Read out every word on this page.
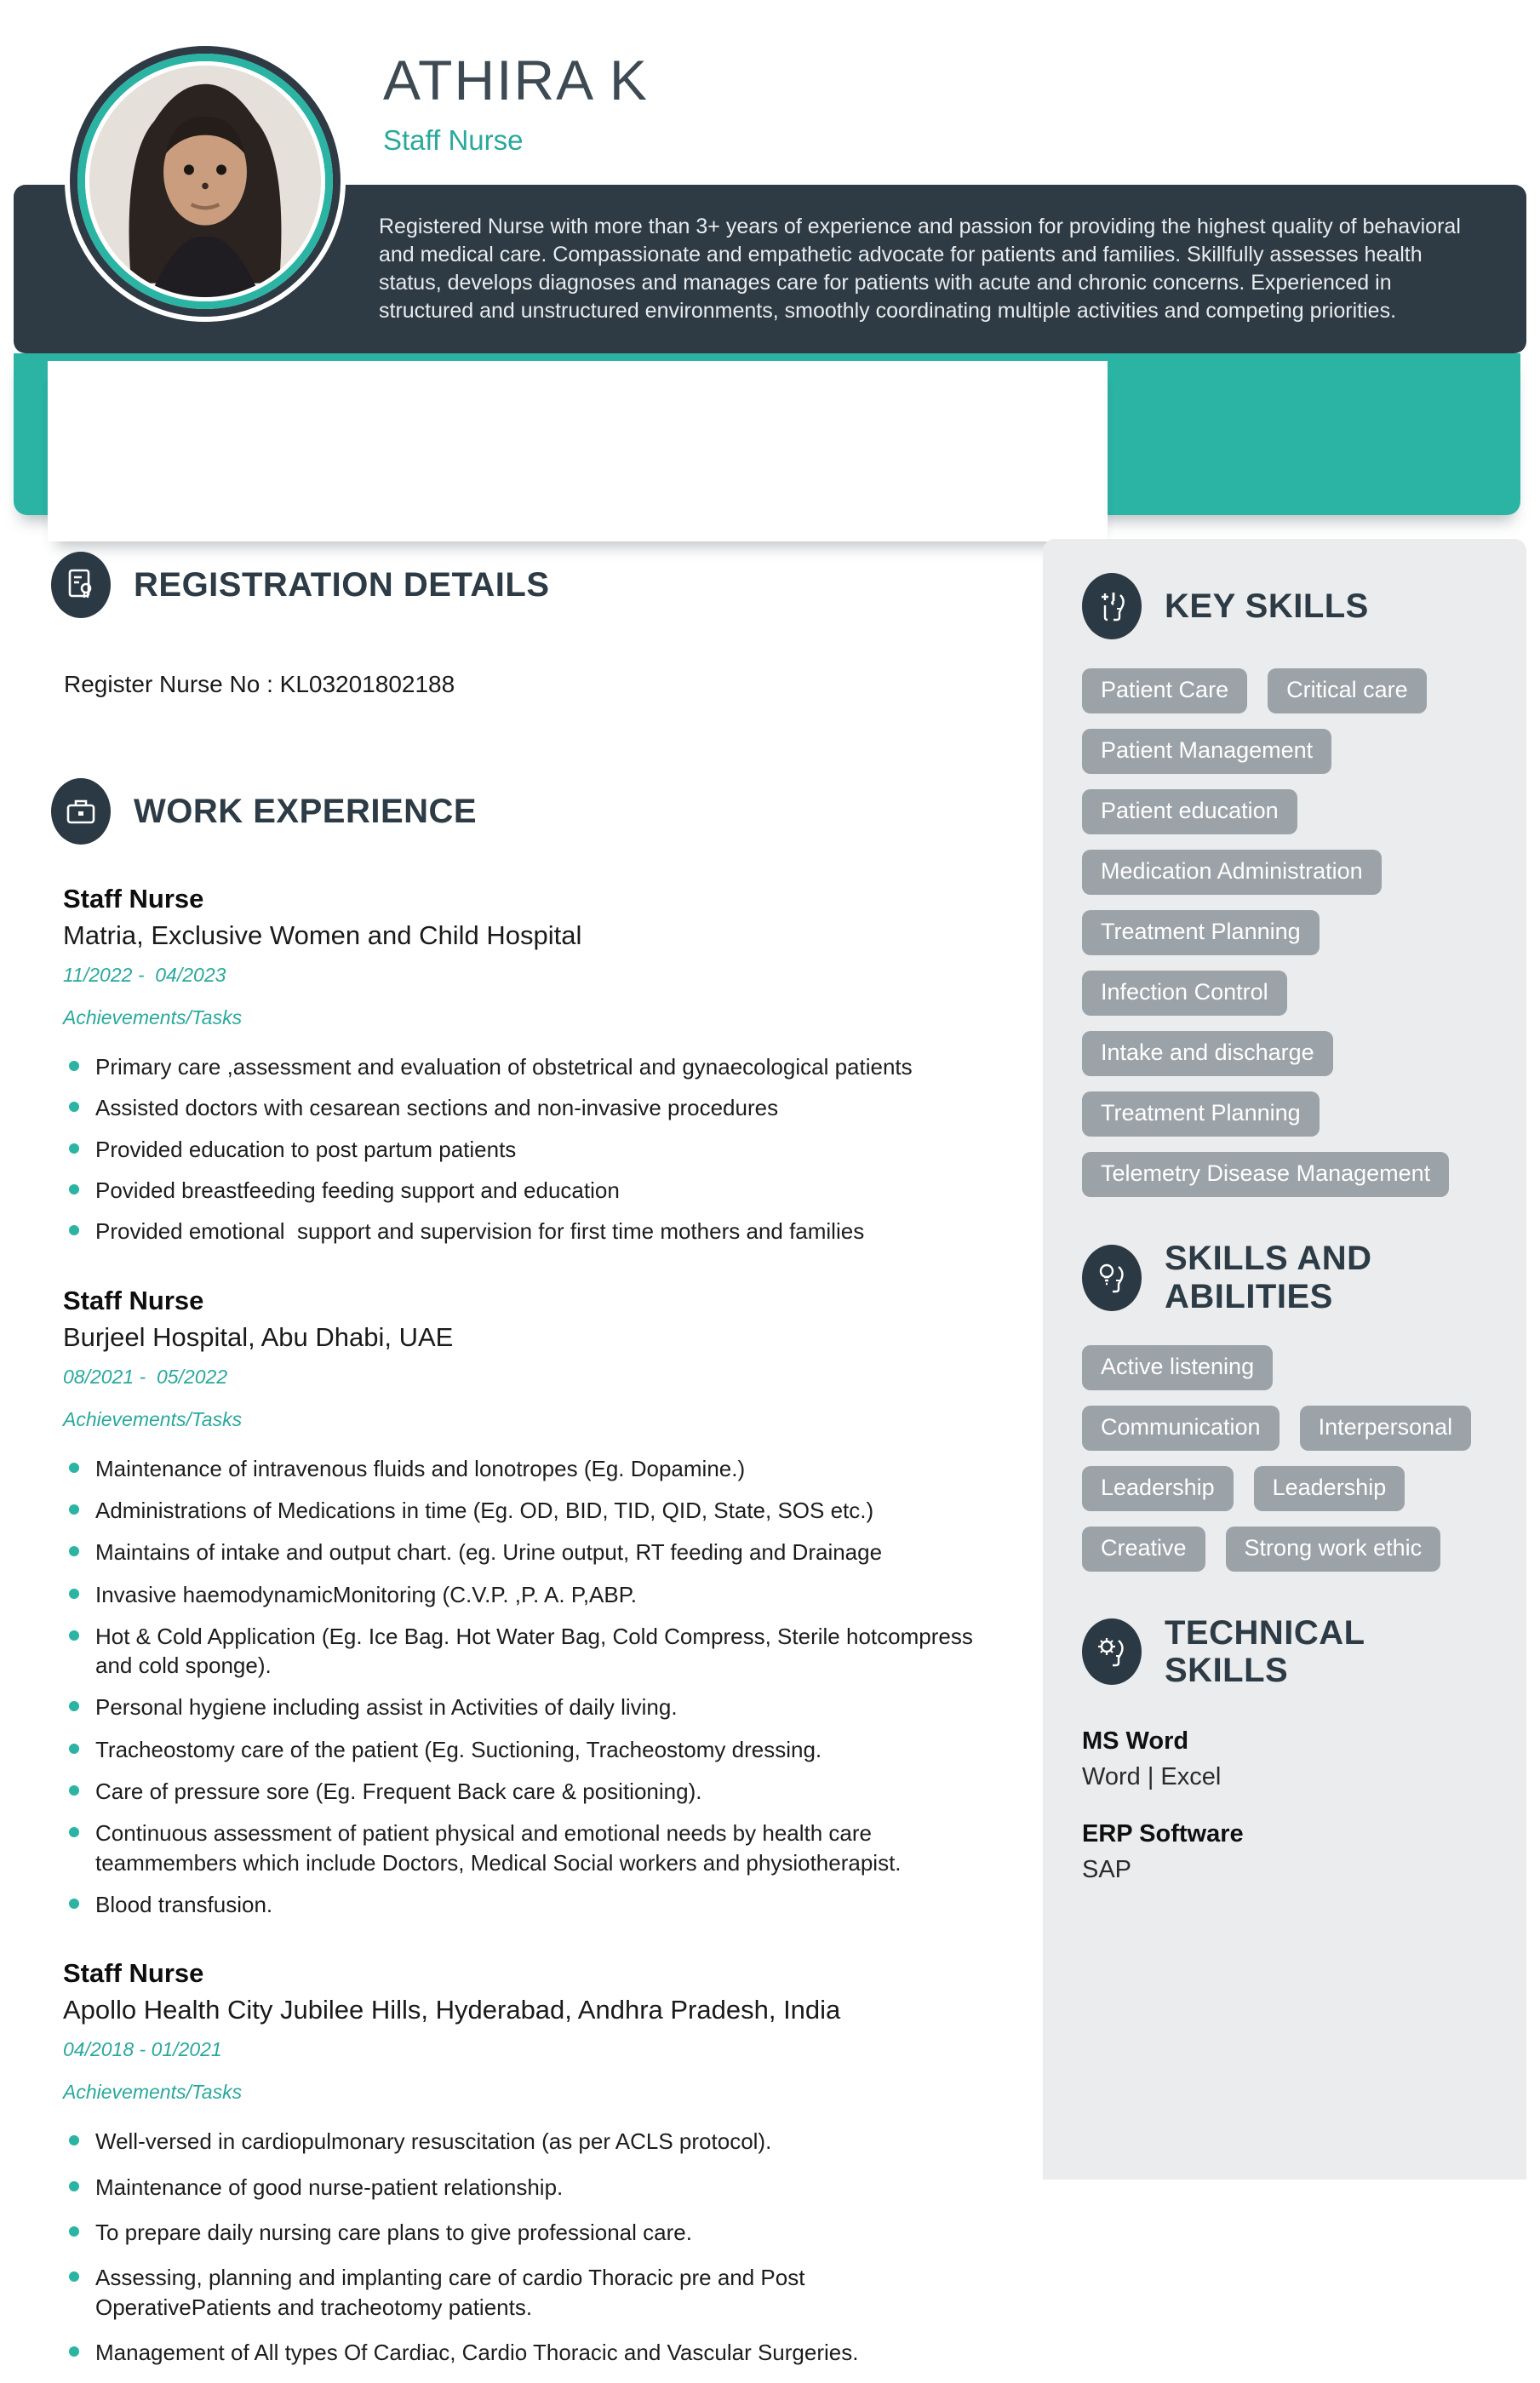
Registered Nurse with more than 3+ years of experience and passion for providing the highest quality of behavioral and medical care. Compassionate and empathetic advocate for patients and families. Skillfully assesses health status, develops diagnoses and manages care for patients with acute and chronic concerns. Experienced in structured and unstructured environments, smoothly coordinating multiple activities and competing priorities.

ATHIRA K
Staff Nurse
REGISTRATION DETAILS

Register Nurse No : KL03201802188

WORK EXPERIENCE
Staff Nurse
Matria, Exclusive Women and Child Hospital
11/2022 -  04/2023
Achievements/Tasks
Primary care ,assessment and evaluation of obstetrical and gynaecological patients
Assisted doctors with cesarean sections and non-invasive procedures
Provided education to post partum patients
Povided breastfeeding feeding support and education
Provided emotional  support and supervision for first time mothers and families
Staff Nurse
Burjeel Hospital, Abu Dhabi, UAE
08/2021 -  05/2022
Achievements/Tasks
Maintenance of intravenous fluids and lonotropes (Eg. Dopamine.)
Administrations of Medications in time (Eg. OD, BID, TID, QID, State, SOS etc.)
Maintains of intake and output chart. (eg. Urine output, RT feeding and Drainage
Invasive haemodynamicMonitoring (C.V.P. ,P. A. P,ABP.
Hot & Cold Application (Eg. Ice Bag. Hot Water Bag, Cold Compress, Sterile hotcompress and cold sponge).
Personal hygiene including assist in Activities of daily living.
Tracheostomy care of the patient (Eg. Suctioning, Tracheostomy dressing.
Care of pressure sore (Eg. Frequent Back care & positioning).
Continuous assessment of patient physical and emotional needs by health care teammembers which include Doctors, Medical Social workers and physiotherapist.
Blood transfusion.
Staff Nurse
Apollo Health City Jubilee Hills, Hyderabad, Andhra Pradesh, India
04/2018 - 01/2021
Achievements/Tasks
Well-versed in cardiopulmonary resuscitation (as per ACLS protocol).
Maintenance of good nurse-patient relationship.
To prepare daily nursing care plans to give professional care.
Assessing, planning and implanting care of cardio Thoracic pre and Post OperativePatients and tracheotomy patients.
Management of All types Of Cardiac, Cardio Thoracic and Vascular Surgeries.
KEY SKILLS
Patient Care	Critical care
Patient Management
Patient education
Medication Administration
Treatment Planning
Infection Control
Intake and discharge
Treatment Planning
Telemetry Disease Management
SKILLS AND ABILITIES
Active listening
Communication	Interpersonal
Leadership	Leadership
Creative	Strong work ethic
TECHNICAL SKILLS
MS Word
Word | Excel
ERP Software
SAP
